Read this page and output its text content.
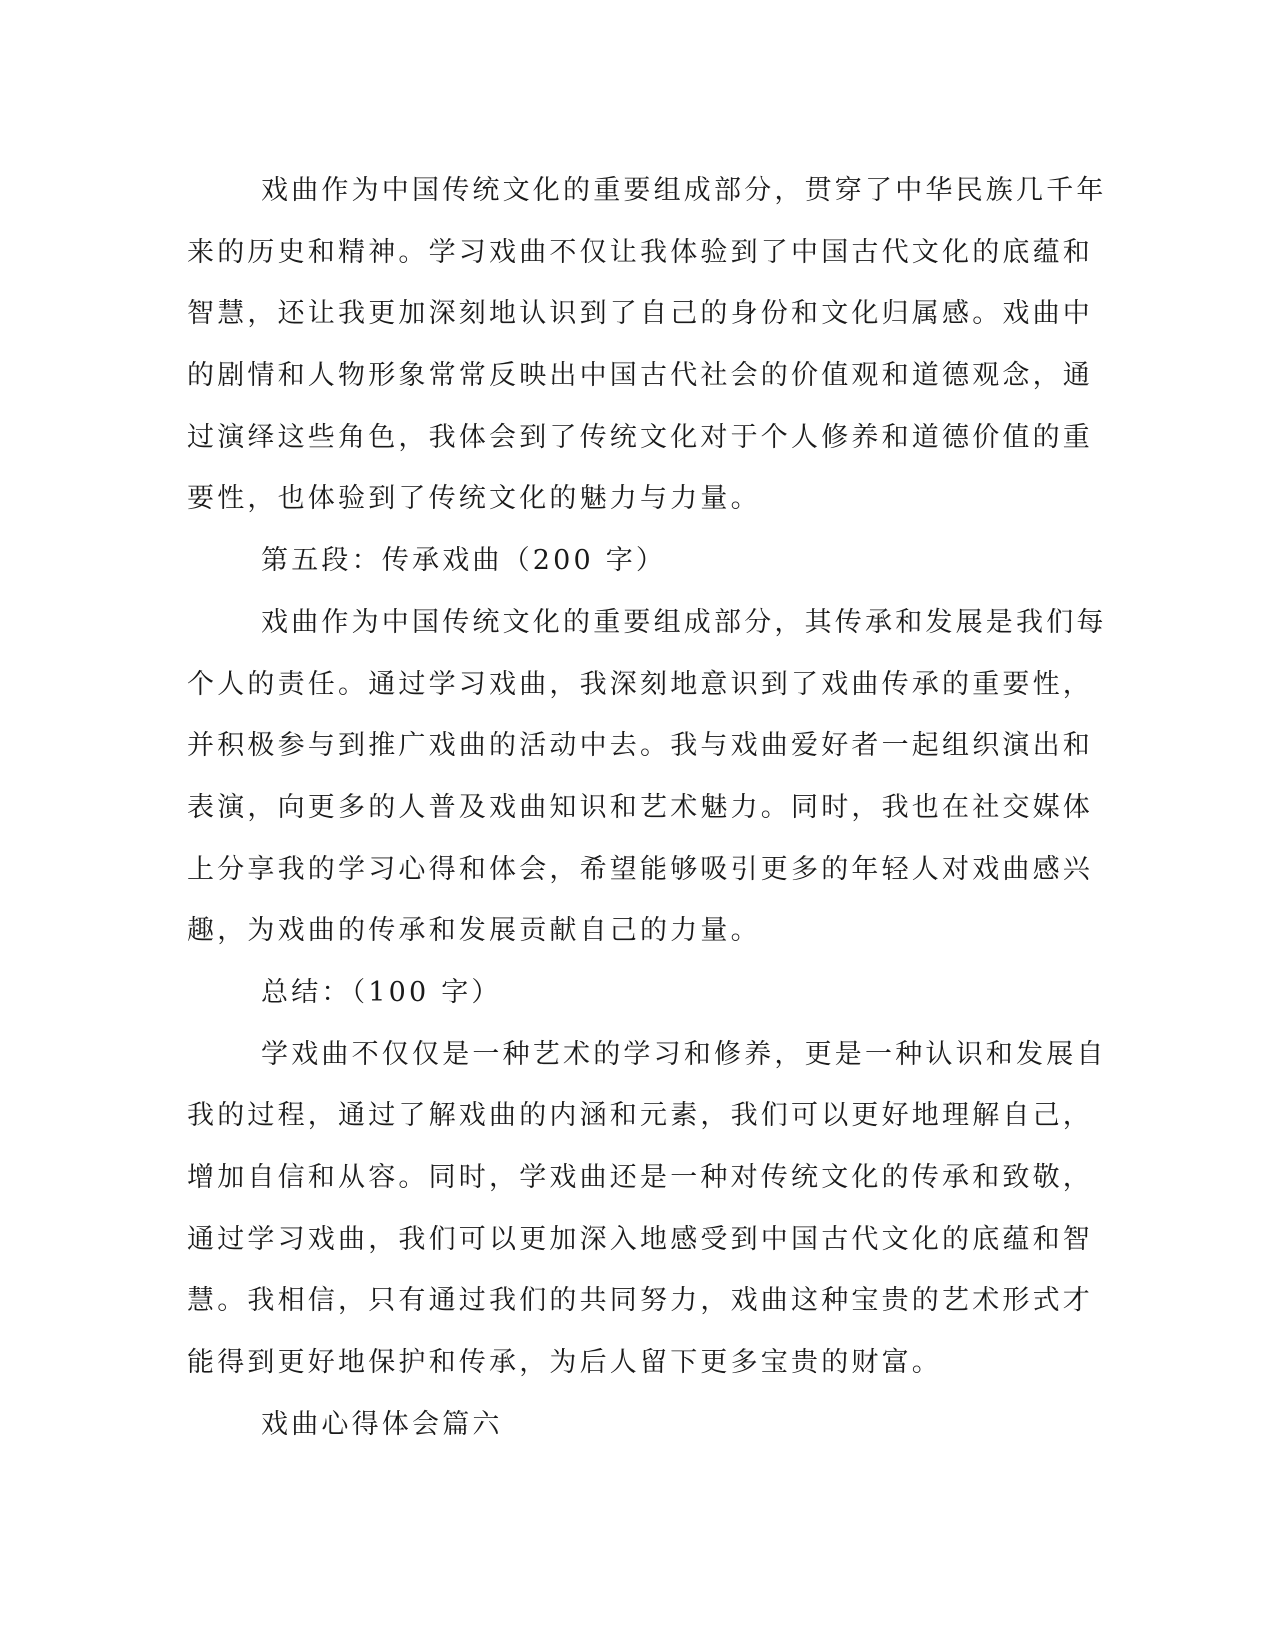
戏曲作为中国传统文化的重要组成部分，贯穿了中华民族几千年
来的历史和精神。学习戏曲不仅让我体验到了中国古代文化的底蕴和
智慧，还让我更加深刻地认识到了自己的身份和文化归属感。戏曲中
的剧情和人物形象常常反映出中国古代社会的价值观和道德观念，通
过演绎这些角色，我体会到了传统文化对于个人修养和道德价值的重
要性，也体验到了传统文化的魅力与力量。
第五段：传承戏曲（200 字）
戏曲作为中国传统文化的重要组成部分，其传承和发展是我们每
个人的责任。通过学习戏曲，我深刻地意识到了戏曲传承的重要性，
并积极参与到推广戏曲的活动中去。我与戏曲爱好者一起组织演出和
表演，向更多的人普及戏曲知识和艺术魅力。同时，我也在社交媒体
上分享我的学习心得和体会，希望能够吸引更多的年轻人对戏曲感兴
趣，为戏曲的传承和发展贡献自己的力量。
总结：（100 字）
学戏曲不仅仅是一种艺术的学习和修养，更是一种认识和发展自
我的过程，通过了解戏曲的内涵和元素，我们可以更好地理解自己，
增加自信和从容。同时，学戏曲还是一种对传统文化的传承和致敬，
通过学习戏曲，我们可以更加深入地感受到中国古代文化的底蕴和智
慧。我相信，只有通过我们的共同努力，戏曲这种宝贵的艺术形式才
能得到更好地保护和传承，为后人留下更多宝贵的财富。
戏曲心得体会篇六
